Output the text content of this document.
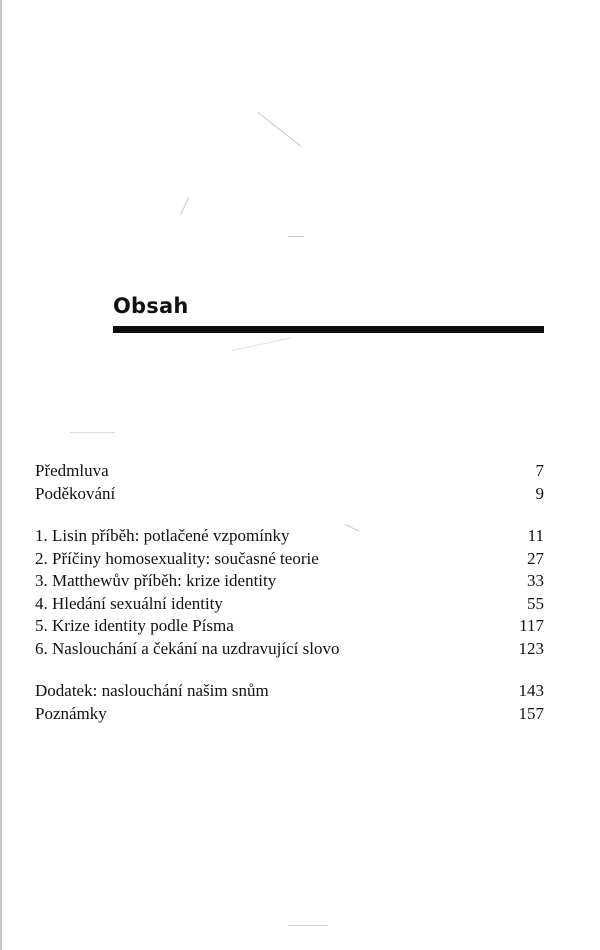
Obsah
Předmluva	7
Poděkování	9
1. Lisin příběh: potlačené vzpomínky	11
2. Příčiny homosexuality: současné teorie	27
3. Matthewův příběh: krize identity	33
4. Hledání sexuální identity	55
5. Krize identity podle Písma	117
6. Naslouchání a čekání na uzdravující slovo	123
Dodatek: naslouchání našim snům	143
Poznámky	157
